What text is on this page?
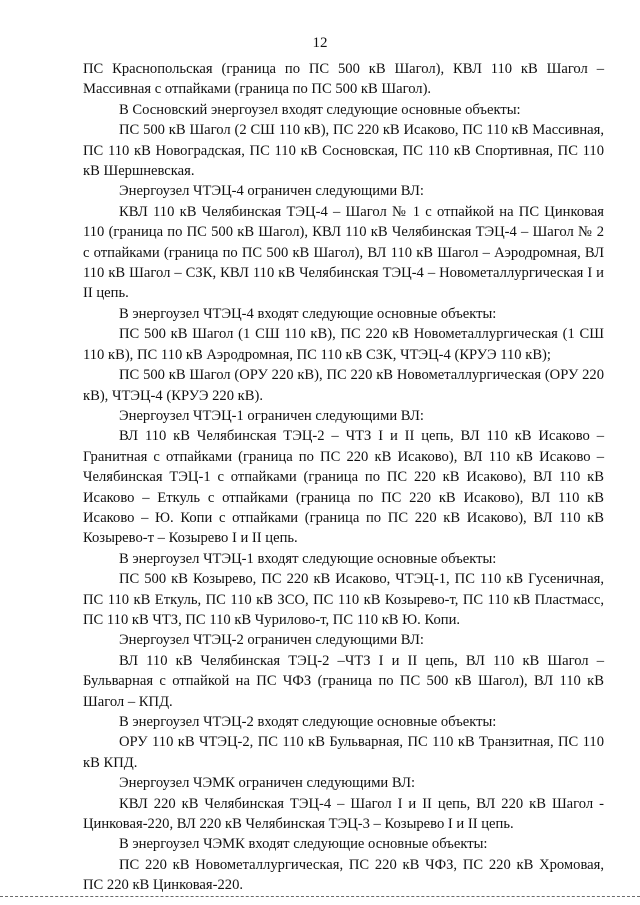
12

ПС Краснопольская (граница по ПС 500 кВ Шагол), КВЛ 110 кВ Шагол – Массивная с отпайками (граница по ПС 500 кВ Шагол).

В Сосновский энергоузел входят следующие основные объекты:

ПС 500 кВ Шагол (2 СШ 110 кВ), ПС 220 кВ Исаково, ПС 110 кВ Массивная, ПС 110 кВ Новоградская, ПС 110 кВ Сосновская, ПС 110 кВ Спортивная, ПС 110 кВ Шершневская.

Энергоузел ЧТЭЦ-4 ограничен следующими ВЛ:

КВЛ 110 кВ Челябинская ТЭЦ-4 – Шагол № 1 с отпайкой на ПС Цинковая 110 (граница по ПС 500 кВ Шагол), КВЛ 110 кВ Челябинская ТЭЦ-4 – Шагол № 2 с отпайками (граница по ПС 500 кВ Шагол), ВЛ 110 кВ Шагол – Аэродромная, ВЛ 110 кВ Шагол – СЗК, КВЛ 110 кВ Челябинская ТЭЦ-4 – Новометаллургическая I и II цепь.

В энергоузел ЧТЭЦ-4 входят следующие основные объекты:

ПС 500 кВ Шагол (1 СШ 110 кВ), ПС 220 кВ Новометаллургическая (1 СШ 110 кВ), ПС 110 кВ Аэродромная, ПС 110 кВ СЗК, ЧТЭЦ-4 (КРУЭ 110 кВ);

ПС 500 кВ Шагол (ОРУ 220 кВ), ПС 220 кВ Новометаллургическая (ОРУ 220 кВ), ЧТЭЦ-4 (КРУЭ 220 кВ).

Энергоузел ЧТЭЦ-1 ограничен следующими ВЛ:

ВЛ 110 кВ Челябинская ТЭЦ-2 – ЧТЗ I и II цепь, ВЛ 110 кВ Исаково – Гранитная с отпайками (граница по ПС 220 кВ Исаково), ВЛ 110 кВ Исаково – Челябинская ТЭЦ-1 с отпайками (граница по ПС 220 кВ Исаково), ВЛ 110 кВ Исаково – Еткуль с отпайками (граница по ПС 220 кВ Исаково), ВЛ 110 кВ Исаково – Ю. Копи с отпайками (граница по ПС 220 кВ Исаково), ВЛ 110 кВ Козырево-т – Козырево I и II цепь.

В энергоузел ЧТЭЦ-1 входят следующие основные объекты:

ПС 500 кВ Козырево, ПС 220 кВ Исаково, ЧТЭЦ-1, ПС 110 кВ Гусеничная, ПС 110 кВ Еткуль, ПС 110 кВ ЗСО, ПС 110 кВ Козырево-т, ПС 110 кВ Пластмасс, ПС 110 кВ ЧТЗ, ПС 110 кВ Чурилово-т, ПС 110 кВ Ю. Копи.

Энергоузел ЧТЭЦ-2 ограничен следующими ВЛ:

ВЛ 110 кВ Челябинская ТЭЦ-2 –ЧТЗ I и II цепь, ВЛ 110 кВ Шагол – Бульварная с отпайкой на ПС ЧФЗ (граница по ПС 500 кВ Шагол), ВЛ 110 кВ Шагол – КПД.

В энергоузел ЧТЭЦ-2 входят следующие основные объекты:

ОРУ 110 кВ ЧТЭЦ-2, ПС 110 кВ Бульварная, ПС 110 кВ Транзитная, ПС 110 кВ КПД.

Энергоузел ЧЭМК ограничен следующими ВЛ:

КВЛ 220 кВ Челябинская ТЭЦ-4 – Шагол I и II цепь, ВЛ 220 кВ Шагол - Цинковая-220, ВЛ 220 кВ Челябинская ТЭЦ-3 – Козырево I и II цепь.

В энергоузел ЧЭМК входят следующие основные объекты:

ПС 220 кВ Новометаллургическая, ПС 220 кВ ЧФЗ, ПС 220 кВ Хромовая, ПС 220 кВ Цинковая-220.
